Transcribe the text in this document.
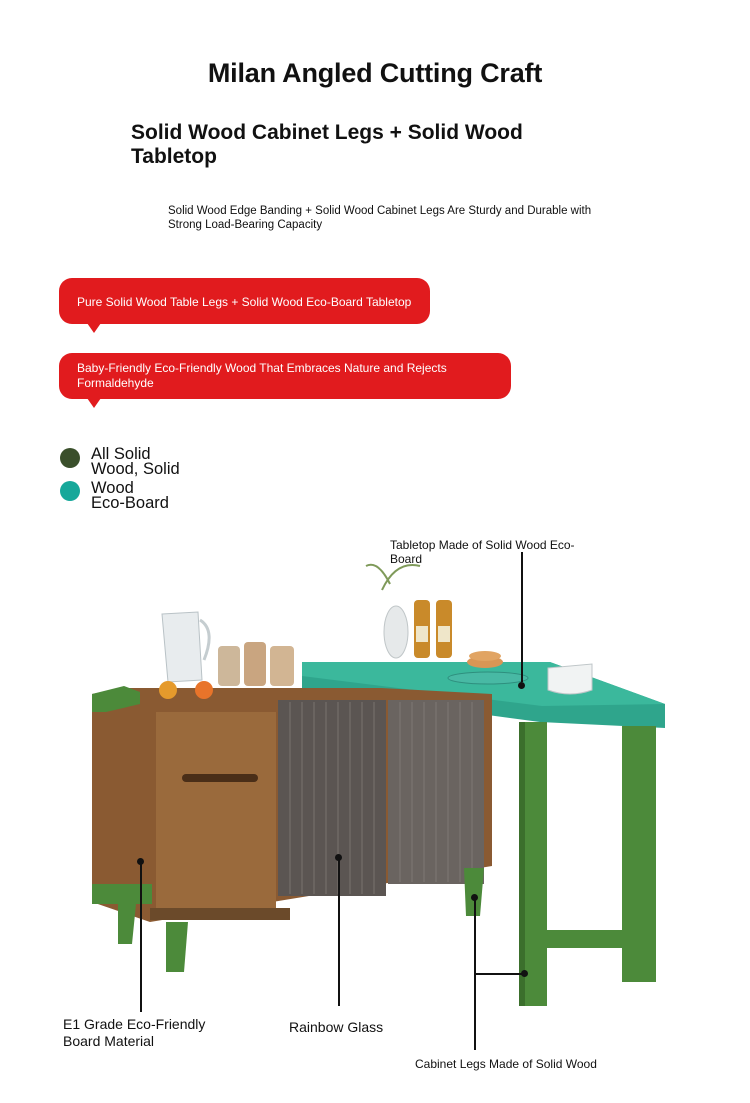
Milan Angled Cutting Craft
Solid Wood Cabinet Legs + Solid Wood Tabletop
Solid Wood Edge Banding + Solid Wood Cabinet Legs Are Sturdy and Durable with Strong Load-Bearing Capacity
Pure Solid Wood Table Legs + Solid Wood Eco-Board Tabletop
Baby-Friendly Eco-Friendly Wood That Embraces Nature and Rejects Formaldehyde
All Solid
Wood, Solid
Wood
Eco-Board
Tabletop Made of Solid Wood Eco-Board
E1 Grade Eco-Friendly Board Material
Rainbow Glass
Cabinet Legs Made of Solid Wood
